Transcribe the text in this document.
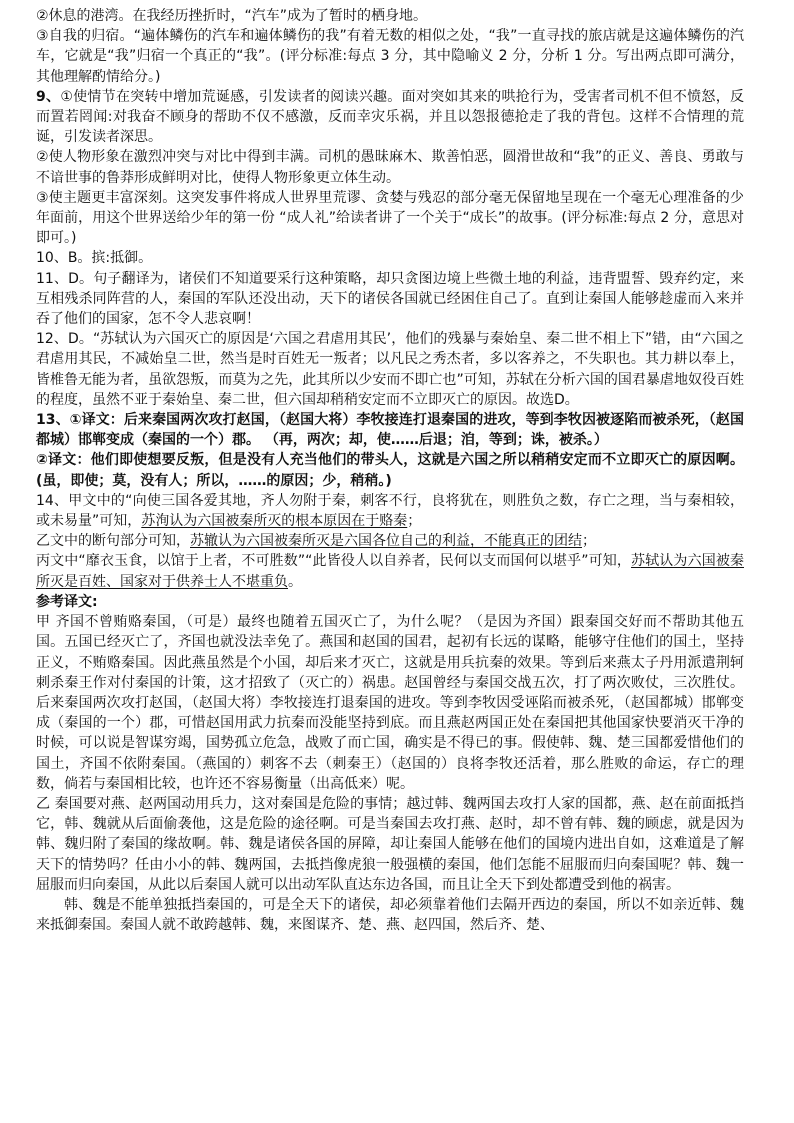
②休息的港湾。在我经历挫折时，“汽车”成为了暂时的栖身地。

③自我的归宿。“遍体鳞伤的汽车和遍体鳞伤的我”有着无数的相似之处，“我”一直寻找的旅店就是这遍体鳞伤的汽车，它就是“我”归宿一个真正的“我”。(评分标准:每点 3 分，其中隐喻义 2 分，分析 1 分。写出两点即可满分，其他理解酌情给分。)

9、①使情节在突转中增加荒诞感，引发读者的阅读兴趣。面对突如其来的哄抢行为，受害者司机不但不愤怒，反而置若罔闻:对我奋不顾身的帮助不仅不感激，反而幸灾乐祸，并且以怨报德抢走了我的背包。这样不合情理的荒诞，引发读者深思。

②使人物形象在激烈冲突与对比中得到丰满。司机的愚昧麻木、欺善怕恶，圆滑世故和“我”的正义、善良、勇敢与不谙世事的鲁莽形成鲜明对比，使得人物形象更立体生动。

③使主题更丰富深刻。这突发事件将成人世界里荒谬、贪婪与残忍的部分毫无保留地呈现在一个毫无心理准备的少年面前，用这个世界送给少年的第一份 “成人礼”给读者讲了一个关于“成长”的故事。(评分标准:每点 2 分，意思对即可。)

10、B。摈:抵御。

11、D。句子翻译为，诸侯们不知道要采行这种策略，却只贪图边境上些微土地的利益，违背盟誓、毁弃约定，来互相残杀同阵营的人，秦国的军队还没出动，天下的诸侯各国就已经困住自己了。直到让秦国人能够趁虚而入来并吞了他们的国家，怎不令人悲哀啊！

12、D。“苏轼认为六国灭亡的原因是‘六国之君虐用其民’，他们的残暴与秦始皇、秦二世不相上下”错，由“六国之君虐用其民，不减始皇二世，然当是时百姓无一叛者；以凡民之秀杰者，多以客养之，不失职也。其力耕以奉上，皆椎鲁无能为者，虽欲怨叛，而莫为之先，此其所以少安而不即亡也”可知，苏轼在分析六国的国君暴虐地奴役百姓的程度，虽然不亚于秦始皇、秦二世，但六国却稍稍安定而不立即灭亡的原因。故选D。

13、①译文：后来秦国两次攻打赵国，（赵国大将）李牧接连打退秦国的进攻，等到李牧因被逐陷而被杀死，（赵国都城）邯郸变成（秦国的一个）郡。 （再，两次；却，使……后退；洎，等到；诛，被杀。）

②译文：他们即使想要反叛，但是没有人充当他们的带头人，这就是六国之所以稍稍安定而不立即灭亡的原因啊。(虽，即使；莫，没有人；所以，……的原因；少，稍稍。)

14、甲文中的“向使三国各爱其地，齐人勿附于秦，刺客不行，良将犹在，则胜负之数，存亡之理，当与秦相较，或未易量”可知，苏洵认为六国被秦所灭的根本原因在于赂秦；

乙文中的断句部分可知，苏辙认为六国被秦所灭是六国各位自己的利益，不能真正的团结；

丙文中“靡衣玉食，以馆于上者，不可胜数”“此皆役人以自养者，民何以支而国何以堪乎”可知，苏轼认为六国被秦所灭是百姓、国家对于供养士人不堪重负。

参考译文:

甲 齐国不曾贿赂秦国，（可是）最终也随着五国灭亡了，为什么呢？（是因为齐国）跟秦国交好而不帮助其他五国。五国已经灭亡了，齐国也就没法幸免了。燕国和赵国的国君，起初有长远的谋略，能够守住他们的国土，坚持正义，不贿赂秦国。因此燕虽然是个小国，却后来才灭亡，这就是用兵抗秦的效果。等到后来燕太子丹用派遣荆轲刺杀秦王作对付秦国的计策，这才招致了（灭亡的）祸患。赵国曾经与秦国交战五次，打了两次败仗，三次胜仗。后来秦国两次攻打赵国，（赵国大将）李牧接连打退秦国的进攻。等到李牧因受诬陷而被杀死，（赵国都城）邯郸变成（秦国的一个）郡，可惜赵国用武力抗秦而没能坚持到底。而且燕赵两国正处在秦国把其他国家快要消灭干净的时候，可以说是智谋穷竭，国势孤立危急，战败了而亡国，确实是不得已的事。假使韩、魏、楚三国都爱惜他们的国土，齐国不依附秦国。（燕国的）刺客不去（刺秦王）（赵国的）良将李牧还活着，那么胜败的命运，存亡的理数，倘若与秦国相比较，也许还不容易衡量（出高低来）呢。

乙 秦国要对燕、赵两国动用兵力，这对秦国是危险的事情；越过韩、魏两国去攻打人家的国都，燕、赵在前面抵挡它，韩、魏就从后面偷袭他，这是危险的途径啊。可是当秦国去攻打燕、赵时，却不曾有韩、魏的顾虑，就是因为韩、魏归附了秦国的缘故啊。韩、魏是诸侯各国的屏障，却让秦国人能够在他们的国境内进出自如，这难道是了解天下的情势吗？任由小小的韩、魏两国，去抵挡像虎狼一般强横的秦国，他们怎能不屈服而归向秦国呢？韩、魏一屈服而归向秦国，从此以后秦国人就可以出动军队直达东边各国，而且让全天下到处都遭受到他的祸害。

韩、魏是不能单独抵挡秦国的，可是全天下的诸侯，却必须靠着他们去隔开西边的秦国，所以不如亲近韩、魏来抵御秦国。秦国人就不敢跨越韩、魏，来图谋齐、楚、燕、赵四国，然后齐、楚、
